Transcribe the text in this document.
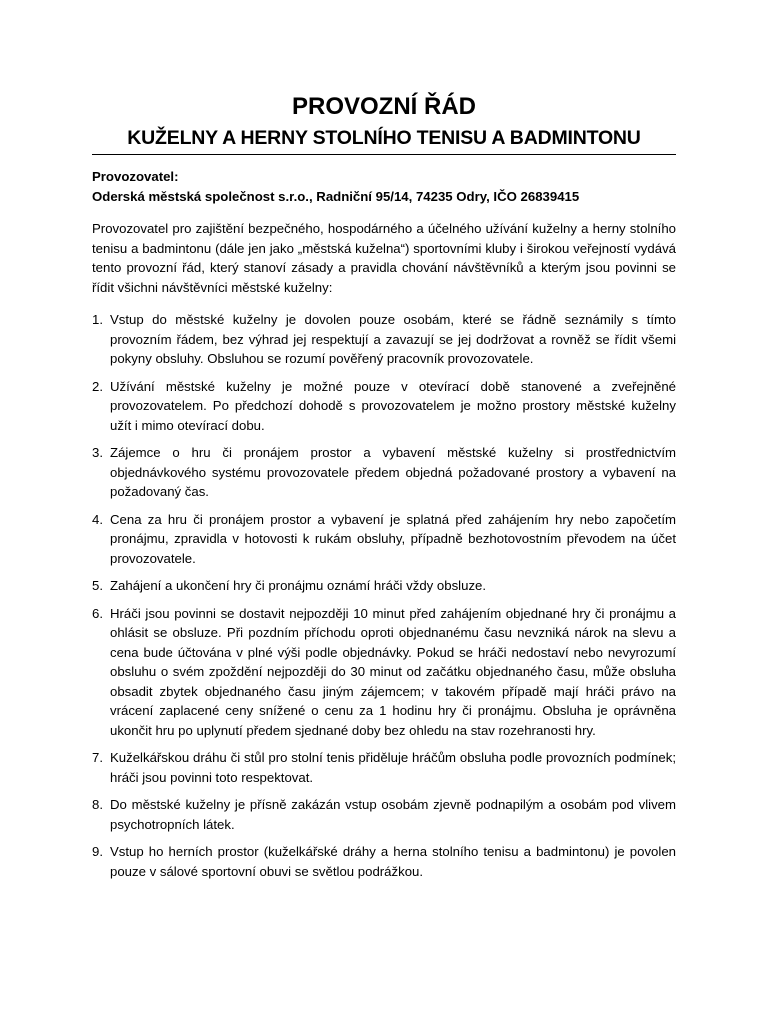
PROVOZNÍ ŘÁD
KUŽELNY A HERNY STOLNÍHO TENISU A BADMINTONU
Provozovatel:
Oderská městská společnost s.r.o., Radniční 95/14, 74235 Odry, IČO 26839415

Provozovatel pro zajištění bezpečného, hospodárného a účelného užívání kuželny a herny stolního tenisu a badmintonu (dále jen jako „městská kuželna“) sportovními kluby i širokou veřejností vydává tento provozní řád, který stanoví zásady a pravidla chování návštěvníků a kterým jsou povinni se řídit všichni návštěvníci městské kuželny:

1. Vstup do městské kuželny je dovolen pouze osobám, které se řádně seznámily s tímto provozním řádem, bez výhrad jej respektují a zavazují se jej dodržovat a rovněž se řídit všemi pokyny obsluhy. Obsluhou se rozumí pověřený pracovník provozovatele.
2. Užívání městské kuželny je možné pouze v otevírací době stanovené a zveřejněné provozovatelem. Po předchozí dohodě s provozovatelem je možno prostory městské kuželny užít i mimo otevírací dobu.
3. Zájemce o hru či pronájem prostor a vybavení městské kuželny si prostřednictvím objednávkového systému provozovatele předem objedná požadované prostory a vybavení na požadovaný čas.
4. Cena za hru či pronájem prostor a vybavení je splatná před zahájením hry nebo započetím pronájmu, zpravidla v hotovosti k rukám obsluhy, případně bezhotovostním převodem na účet provozovatele.
5. Zahájení a ukončení hry či pronájmu oznámí hráči vždy obsluze.
6. Hráči jsou povinni se dostavit nejpozději 10 minut před zahájením objednané hry či pronájmu a ohlásit se obsluze. Při pozdním příchodu oproti objednanému času nevzniká nárok na slevu a cena bude účtována v plné výši podle objednávky. Pokud se hráči nedostaví nebo nevyrozumí obsluhu o svém zpoždění nejpozději do 30 minut od začátku objednaného času, může obsluha obsadit zbytek objednaného času jiným zájemcem; v takovém případě mají hráči právo na vrácení zaplacené ceny snížené o cenu za 1 hodinu hry či pronájmu. Obsluha je oprávněna ukončit hru po uplynutí předem sjednané doby bez ohledu na stav rozehranosti hry.
7. Kuželkářskou dráhu či stůl pro stolní tenis přiděluje hráčům obsluha podle provozních podmínek; hráči jsou povinni toto respektovat.
8. Do městské kuželny je přísně zakázán vstup osobám zjevně podnapilým a osobám pod vlivem psychotropních látek.
9. Vstup ho herních prostor (kuželkářské dráhy a herna stolního tenisu a badmintonu) je povolen pouze v sálové sportovní obuvi se světlou podrážkou.
